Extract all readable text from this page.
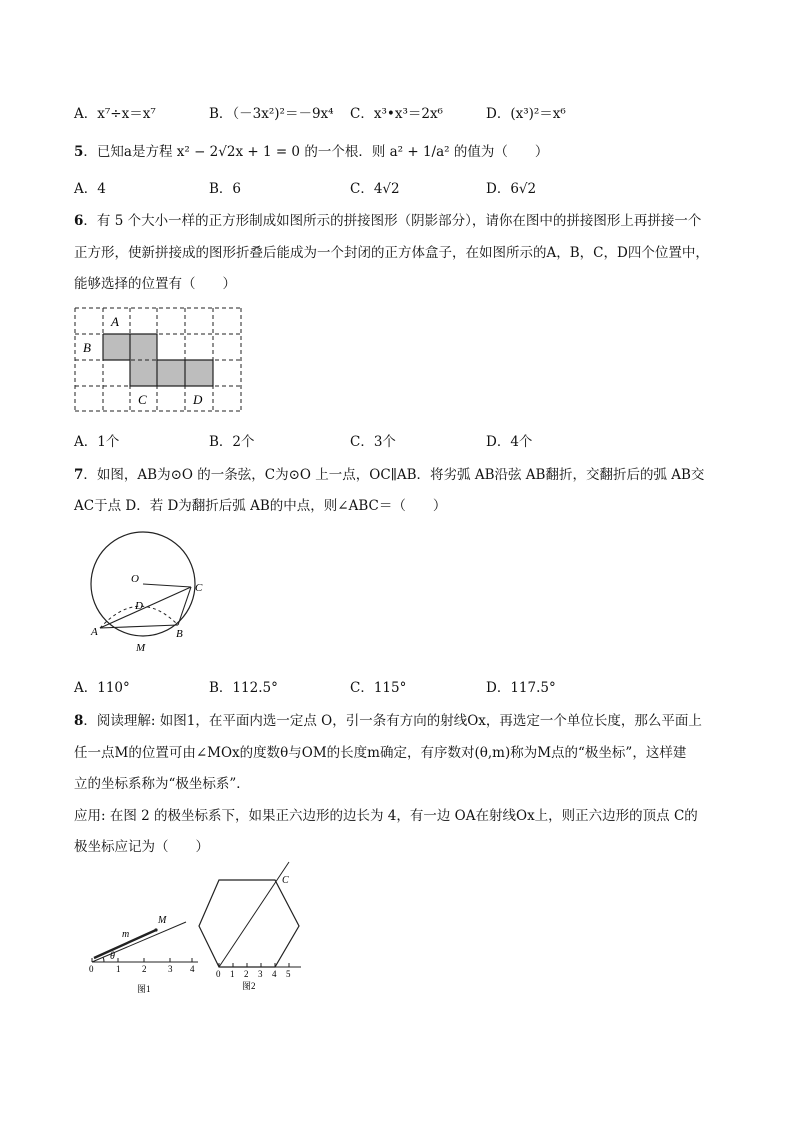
A．x⁷÷x＝x⁷	B．（－3x²)²＝－9x⁴ C．x³•x³＝2x⁶	D．(x³)²＝x⁶
5．已知a是方程 x² − 2√2x + 1 = 0 的一个根．则 a² + 1/a² 的值为（　　）
A．4	B．6	C．4√2	D．6√2
6．有 5 个大小一样的正方形制成如图所示的拼接图形（阴影部分），请你在图中的拼接图形上再拼接一个
正方形，使新拼接成的图形折叠后能成为一个封闭的正方体盒子，在如图所示的A，B，C，D四个位置中，
能够选择的位置有（　　）
A
B
C	D
A．1个	B．2个	C．3个	D．4个
7．如图，AB为⊙O 的一条弦，C为⊙O 上一点，OC∥AB．将劣弧 AB沿弦 AB翻折，交翻折后的弧 AB交
AC于点 D．若 D为翻折后弧 AB的中点，则∠ABC＝（　　）
O
C
D
A	B
M
A．110°	B．112.5°	C．115°	D．117.5°
8．阅读理解: 如图1，在平面内选一定点 O，引一条有方向的射线Ox，再选定一个单位长度，那么平面上
任一点M的位置可由∠MOx的度数θ与OM的长度m确定，有序数对(θ,m)称为M点的“极坐标”，这样建
立的坐标系称为“极坐标系”．
应用: 在图 2 的极坐标系下，如果正六边形的边长为 4，有一边 OA在射线Ox上，则正六边形的顶点 C的
极坐标应记为（　　）
m
M
θ
0	1 2 3 4
图1
C
0 1 2 3 4 5
图2
